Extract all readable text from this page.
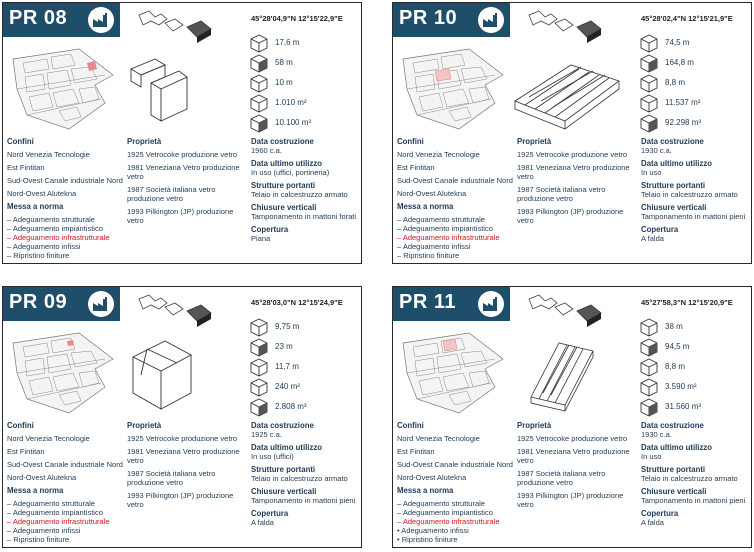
PR 08	45°28'04,9"N 12°15'22,9"E
17,6 m
58 m
10 m
1.010 m²
10.100 m³
Confini
Nord Venezia Tecnologie
Est Fintitan
Sud-Ovest Canale industriale Nord
Nord-Ovest Alutekna
Messa a norma
– Adeguamento strutturale
– Adeguamento impiantistico
– Adeguamento infrastrutturale
– Adeguamento infissi
– Ripristino finiture
Proprietà
1925 Vetrocoke produzione vetro
1981 Veneziana Vetro produzione vetro
1987 Società italiana vetro produzione vetro
1993 Pilkington (JP) produzione vetro
Data costruzione
1960 c.a.
Data ultimo utilizzo
In uso (uffici, portineria)
Strutture portanti
Telaio in calcestruzzo armato
Chiusure verticali
Tamponamento in mattoni forati
Copertura
Piana
PR 10	45°28'02,4"N 12°15'21,9"E
74,5 m
164,8 m
8,8 m
11.537 m²
92.298 m³
Confini
Nord Venezia Tecnologie
Est Fintitan
Sud-Ovest Canale industriale Nord
Nord-Ovest Alutekna
Messa a norma
– Adeguamento strutturale
– Adeguamento impiantistico
– Adeguamento infrastrutturale
– Adeguamento infissi
– Ripristino finiture
Proprietà
1925 Vetrocoke produzione vetro
1981 Veneziana Vetro produzione vetro
1987 Società italiana vetro produzione vetro
1993 Pilkington (JP) produzione vetro
Data costruzione
1930 c.a.
Data ultimo utilizzo
In uso
Strutture portanti
Telaio in calcestruzzo armato
Chiusure verticali
Tamponamento in mattoni pieni
Copertura
A falda
PR 09	45°28'03,0"N 12°15'24,9"E
9,75 m
23 m
11,7 m
240 m²
2.808 m³
Confini
Nord Venezia Tecnologie
Est Fintitan
Sud-Ovest Canale industriale Nord
Nord-Ovest Alutekna
Messa a norma
– Adeguamento strutturale
– Adeguamento impiantistico
– Adeguamento infrastrutturale
– Adeguamento infissi
– Ripristino finiture
Proprietà
1925 Vetrocoke produzione vetro
1981 Veneziana Vetro produzione vetro
1987 Società italiana vetro produzione vetro
1993 Pilkington (JP) produzione vetro
Data costruzione
1925 c.a.
Data ultimo utilizzo
In uso (uffici)
Strutture portanti
Telaio in calcestruzzo armato
Chiusure verticali
Tamponamento in mattoni pieni
Copertura
A falda
PR 11	45°27'58,3"N 12°15'20,9"E
38 m
94,5 m
8,8 m
3.590 m²
31.560 m³
Confini
Nord Venezia Tecnologie
Est Fintitan
Sud-Ovest Canale industriale Nord
Nord-Ovest Alutekna
Messa a norma
– Adeguamento strutturale
– Adeguamento impiantistico
– Adeguamento infrastrutturale
• Adeguamento infissi
• Ripristino finiture
Proprietà
1925 Vetrocoke produzione vetro
1981 Veneziana Vetro produzione vetro
1987 Società italiana vetro produzione vetro
1993 Pilkington (JP) produzione vetro
Data costruzione
1930 c.a.
Data ultimo utilizzo
In uso
Strutture portanti
Telaio in calcestruzzo armato
Chiusure verticali
Tamponamento in mattoni pieni
Copertura
A falda
